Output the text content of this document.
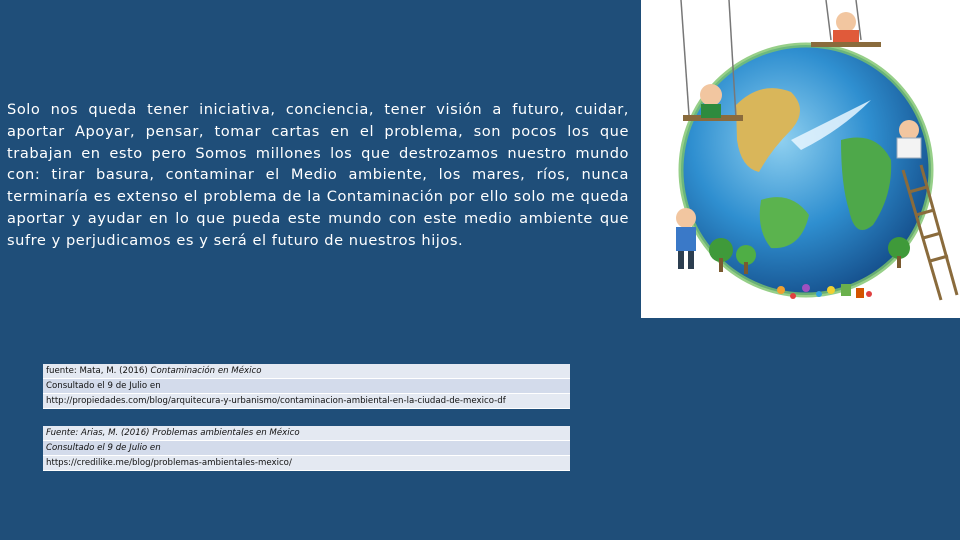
Solo nos queda tener iniciativa, conciencia, tener visión a futuro, cuidar, aportar Apoyar, pensar, tomar cartas en el problema, son pocos los que trabajan en esto pero Somos millones los que destrozamos nuestro mundo con: tirar basura, contaminar el Medio ambiente, los mares, ríos, nunca terminaría es extenso el problema de la Contaminación por ello solo me queda aportar y ayudar en lo que pueda este mundo con este medio ambiente que sufre y perjudicamos es y será el futuro de nuestros hijos.

fuente: Mata, M. (2016) Contaminación en México
Consultado el 9 de Julio en
http://propiedades.com/blog/arquitecura-y-urbanismo/contaminacion-ambiental-en-la-ciudad-de-mexico-df
Fuente: Arias, M. (2016) Problemas ambientales en México
Consultado el 9 de Julio en
https://credilike.me/blog/problemas-ambientales-mexico/
